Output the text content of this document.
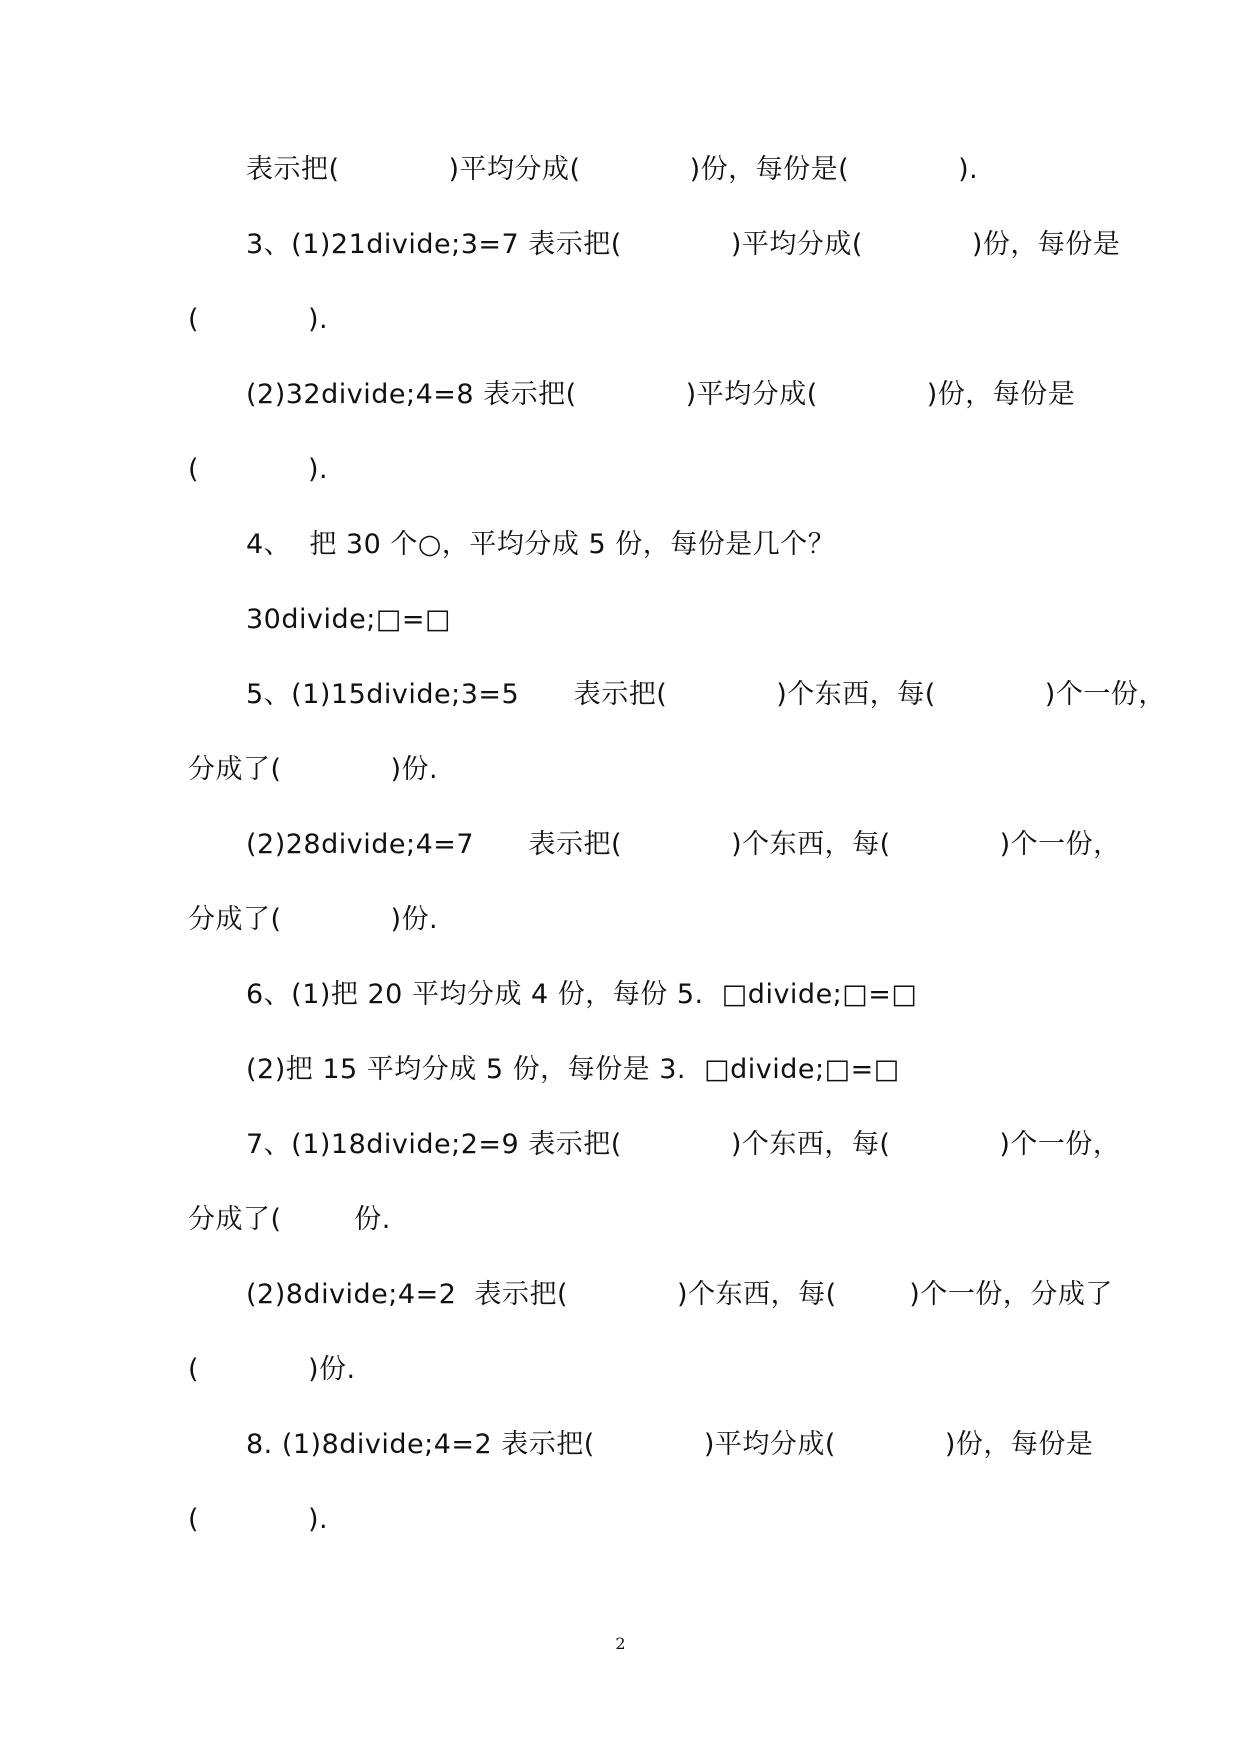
表示把(            )平均分成(            )份，每份是(            ).
3、(1)21divide;3=7 表示把(            )平均分成(            )份，每份是
(            ).
(2)32divide;4=8 表示把(            )平均分成(            )份，每份是
(            ).
4、  把 30 个○，平均分成 5 份，每份是几个？
30divide;□=□
5、(1)15divide;3=5      表示把(            )个东西，每(            )个一份，
分成了(            )份.
(2)28divide;4=7      表示把(            )个东西，每(            )个一份，
分成了(            )份.
6、(1)把 20 平均分成 4 份，每份 5.  □divide;□=□
(2)把 15 平均分成 5 份，每份是 3.  □divide;□=□
7、(1)18divide;2=9 表示把(            )个东西，每(            )个一份，
分成了(        份.
(2)8divide;4=2  表示把(            )个东西，每(        )个一份，分成了
(            )份.
8. (1)8divide;4=2 表示把(            )平均分成(            )份，每份是
(            ).
2
